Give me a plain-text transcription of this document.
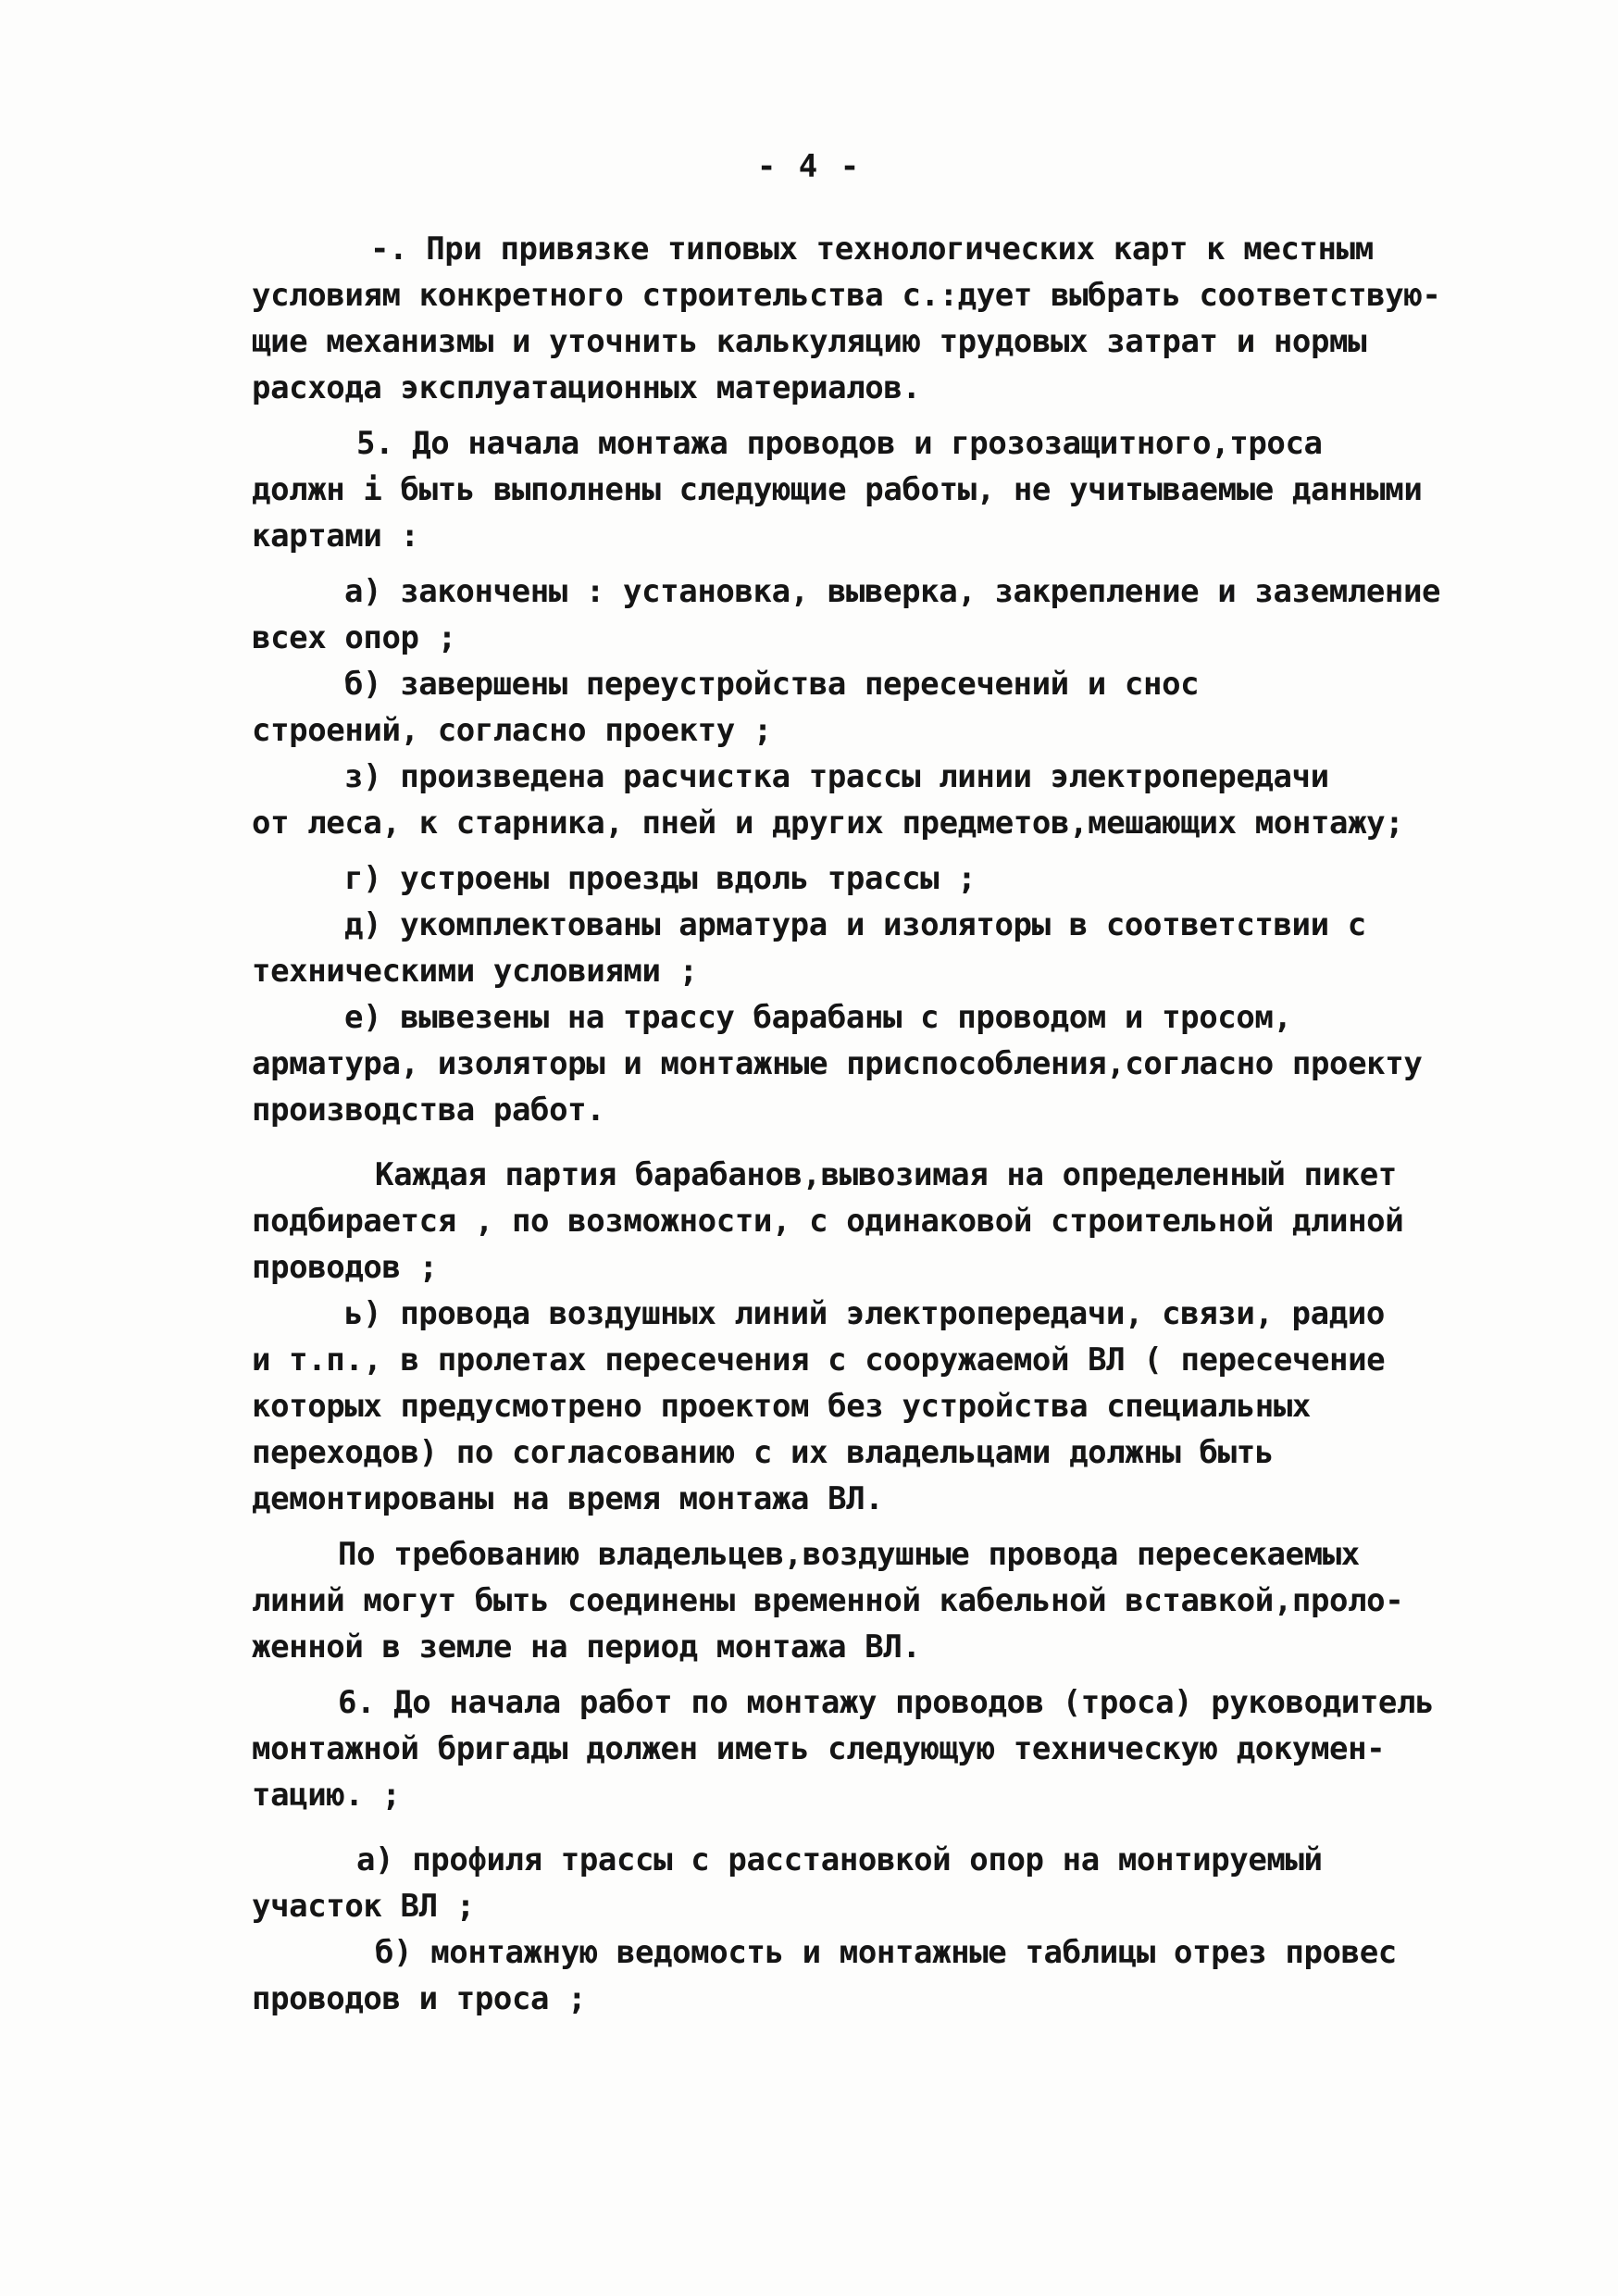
- 4 -
-. При привязке типовых технологических карт к местным
условиям конкретного строительства с.:дует выбрать соответствую-
щие механизмы и уточнить калькуляцию трудовых затрат и нормы
расхода эксплуатационных материалов.
5. До начала монтажа проводов и грозозащитного,троса
должн і быть выполнены следующие работы, не учитываемые данными
картами :
а) закончены : установка, выверка, закрепление и заземление
всех опор ;
б) завершены переустройства пересечений и снос
строений, согласно проекту ;
з) произведена расчистка трассы линии электропередачи
от леса, к старника, пней и других предметов,мешающих монтажу;
г) устроены проезды вдоль трассы ;
д) укомплектованы арматура и изоляторы в соответствии с
техническими условиями ;
е) вывезены на трассу барабаны с проводом и тросом,
арматура, изоляторы и монтажные приспособления,согласно проекту
производства работ.
Каждая партия барабанов,вывозимая на определенный пикет
подбирается , по возможности, с одинаковой строительной длиной
проводов ;
ь) провода воздушных линий электропередачи, связи, радио
и т.п., в пролетах пересечения с сооружаемой ВЛ ( пересечение
которых предусмотрено проектом без устройства специальных
переходов) по согласованию с их владельцами должны быть
демонтированы на время монтажа ВЛ.
По требованию владельцев,воздушные провода пересекаемых
линий могут быть соединены временной кабельной вставкой,проло-
женной в земле на период монтажа ВЛ.
6. До начала работ по монтажу проводов (троса) руководитель
монтажной бригады должен иметь следующую техническую докумен-
тацию. ;
а) профиля трассы с расстановкой опор на монтируемый
участок ВЛ ;
б) монтажную ведомость и монтажные таблицы отрез провес
проводов и троса ;
